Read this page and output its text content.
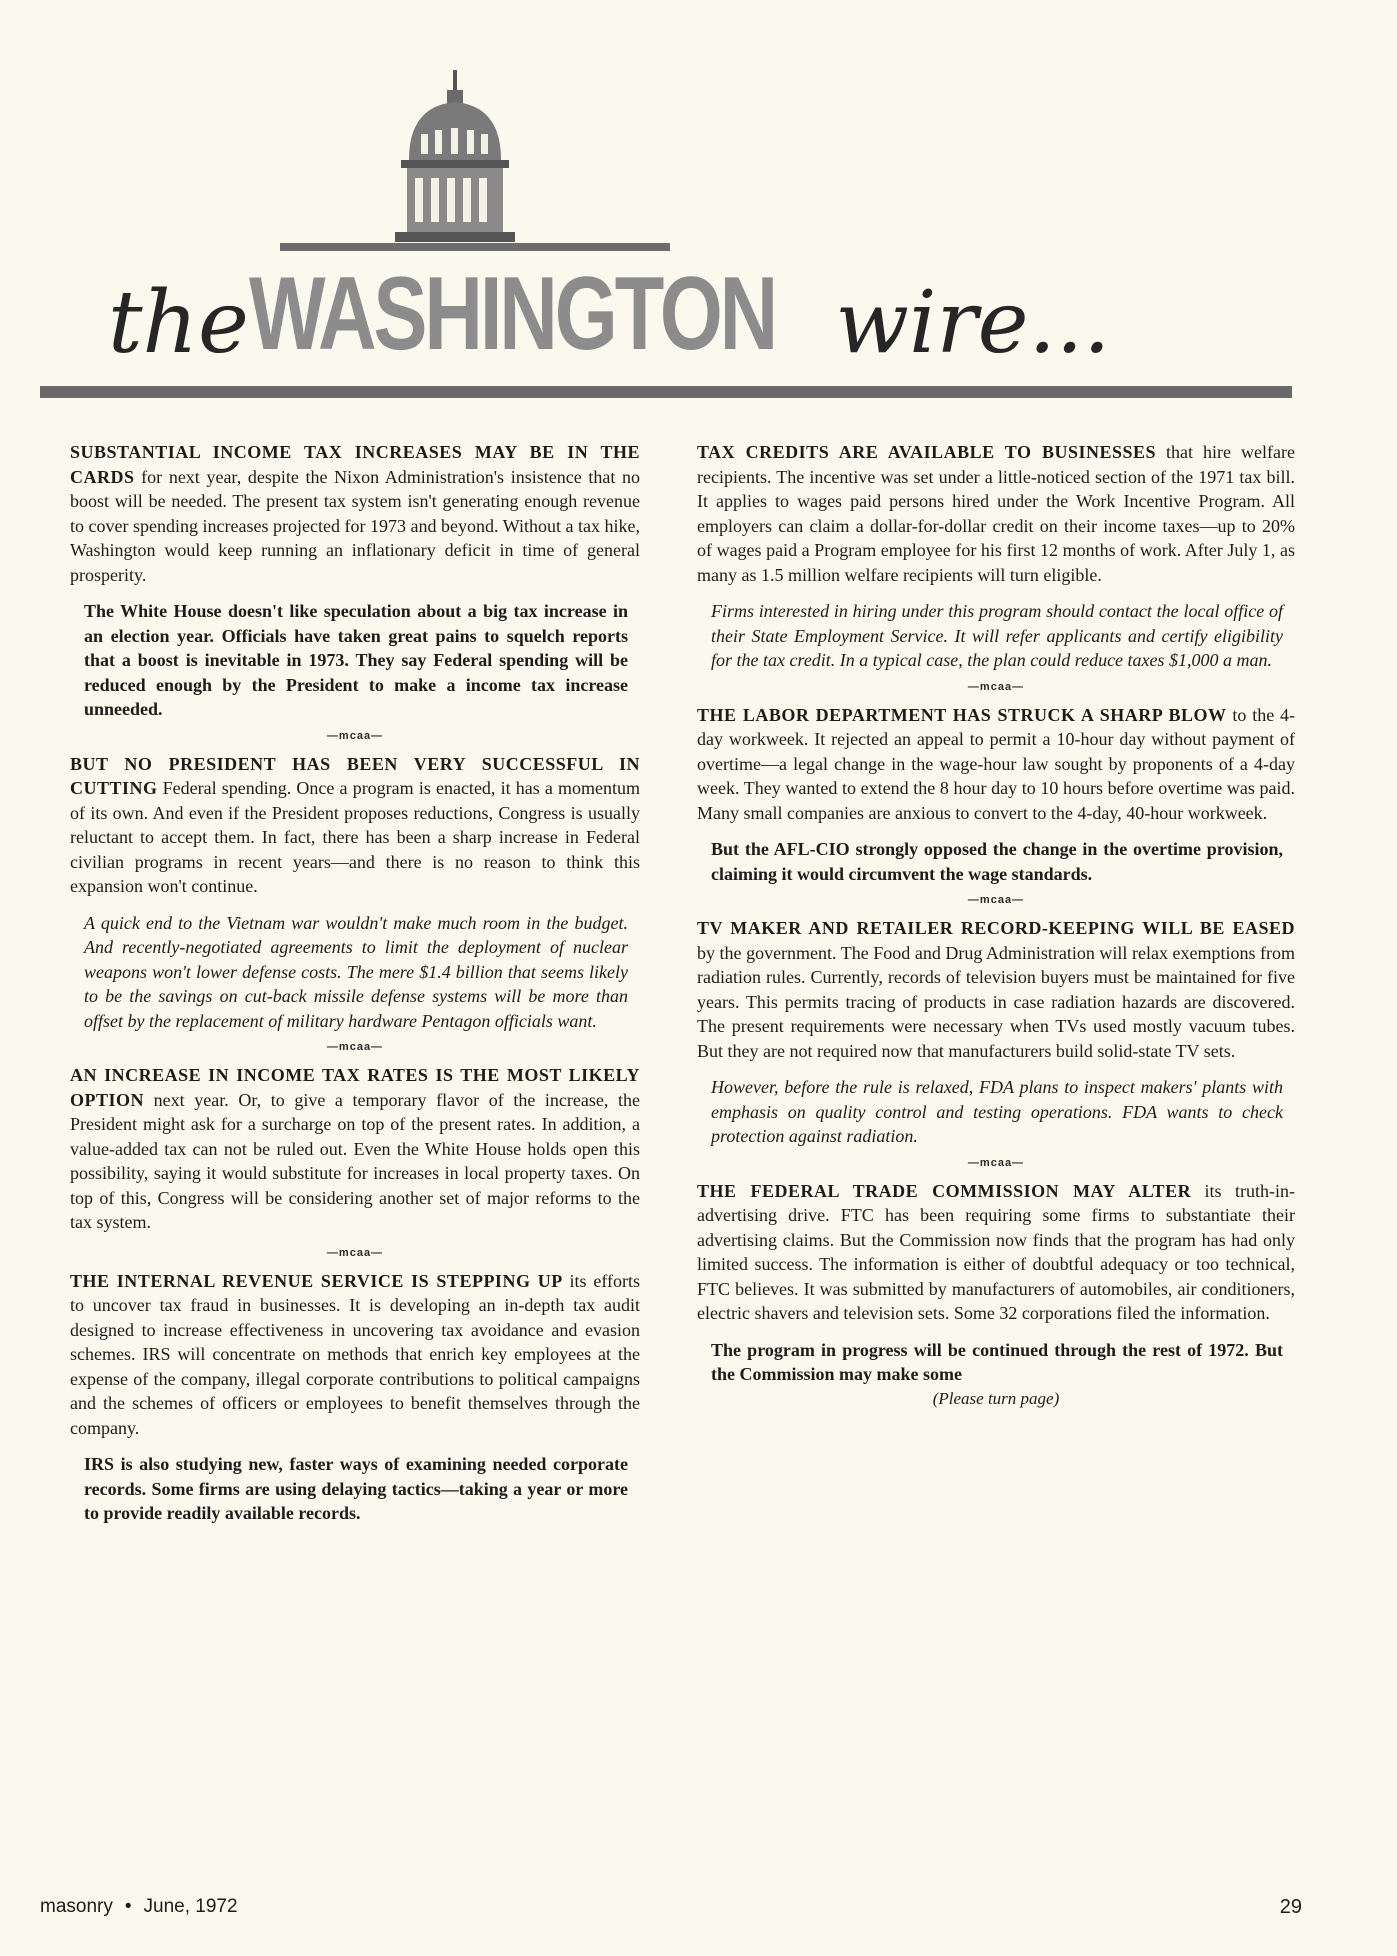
theWASHINGTON wire...

SUBSTANTIAL INCOME TAX INCREASES MAY BE IN THE CARDS for next year, despite the Nixon Administration's insistence that no boost will be needed. The present tax system isn't generating enough revenue to cover spending increases projected for 1973 and beyond. Without a tax hike, Washington would keep running an inflationary deficit in time of general prosperity.

The White House doesn't like speculation about a big tax increase in an election year. Officials have taken great pains to squelch reports that a boost is inevitable in 1973. They say Federal spending will be reduced enough by the President to make a income tax increase unneeded.

—mcaa—

BUT NO PRESIDENT HAS BEEN VERY SUCCESSFUL IN CUTTING Federal spending. Once a program is enacted, it has a momentum of its own. And even if the President proposes reductions, Congress is usually reluctant to accept them. In fact, there has been a sharp increase in Federal civilian programs in recent years—and there is no reason to think this expansion won't continue.

A quick end to the Vietnam war wouldn't make much room in the budget. And recently-negotiated agreements to limit the deployment of nuclear weapons won't lower defense costs. The mere $1.4 billion that seems likely to be the savings on cut-back missile defense systems will be more than offset by the replacement of military hardware Pentagon officials want.

—mcaa—

AN INCREASE IN INCOME TAX RATES IS THE MOST LIKELY OPTION next year. Or, to give a temporary flavor of the increase, the President might ask for a surcharge on top of the present rates. In addition, a value-added tax can not be ruled out. Even the White House holds open this possibility, saying it would substitute for increases in local property taxes. On top of this, Congress will be considering another set of major reforms to the tax system.

—mcaa—

THE INTERNAL REVENUE SERVICE IS STEPPING UP its efforts to uncover tax fraud in businesses. It is developing an in-depth tax audit designed to increase effectiveness in uncovering tax avoidance and evasion schemes. IRS will concentrate on methods that enrich key employees at the expense of the company, illegal corporate contributions to political campaigns and the schemes of officers or employees to benefit themselves through the company.

IRS is also studying new, faster ways of examining needed corporate records. Some firms are using delaying tactics—taking a year or more to provide readily available records.

TAX CREDITS ARE AVAILABLE TO BUSINESSES that hire welfare recipients. The incentive was set under a little-noticed section of the 1971 tax bill. It applies to wages paid persons hired under the Work Incentive Program. All employers can claim a dollar-for-dollar credit on their income taxes—up to 20% of wages paid a Program employee for his first 12 months of work. After July 1, as many as 1.5 million welfare recipients will turn eligible.

Firms interested in hiring under this program should contact the local office of their State Employment Service. It will refer applicants and certify eligibility for the tax credit. In a typical case, the plan could reduce taxes $1,000 a man.

—mcaa—

THE LABOR DEPARTMENT HAS STRUCK A SHARP BLOW to the 4-day workweek. It rejected an appeal to permit a 10-hour day without payment of overtime—a legal change in the wage-hour law sought by proponents of a 4-day week. They wanted to extend the 8 hour day to 10 hours before overtime was paid. Many small companies are anxious to convert to the 4-day, 40-hour workweek.

But the AFL-CIO strongly opposed the change in the overtime provision, claiming it would circumvent the wage standards.

—mcaa—

TV MAKER AND RETAILER RECORD-KEEPING WILL BE EASED by the government. The Food and Drug Administration will relax exemptions from radiation rules. Currently, records of television buyers must be maintained for five years. This permits tracing of products in case radiation hazards are discovered. The present requirements were necessary when TVs used mostly vacuum tubes. But they are not required now that manufacturers build solid-state TV sets.

However, before the rule is relaxed, FDA plans to inspect makers' plants with emphasis on quality control and testing operations. FDA wants to check protection against radiation.

—mcaa—

THE FEDERAL TRADE COMMISSION MAY ALTER its truth-in-advertising drive. FTC has been requiring some firms to substantiate their advertising claims. But the Commission now finds that the program has had only limited success. The information is either of doubtful adequacy or too technical, FTC believes. It was submitted by manufacturers of automobiles, air conditioners, electric shavers and television sets. Some 32 corporations filed the information.

The program in progress will be continued through the rest of 1972. But the Commission may make some

(Please turn page)
masonry • June, 1972	29
